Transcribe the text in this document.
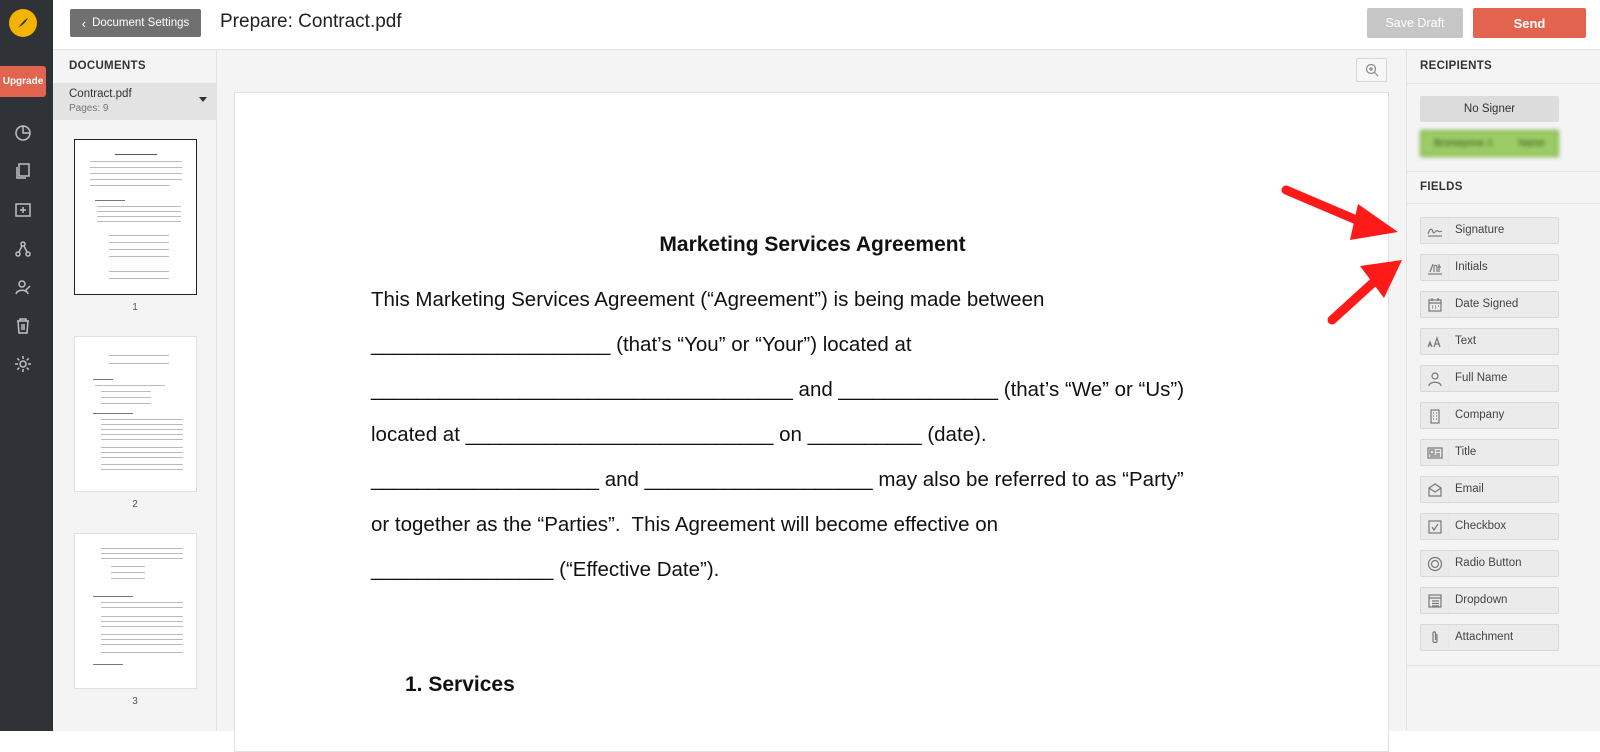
Upgrade
‹ Document Settings Prepare: Contract.pdf	Save Draft	Send
DOCUMENTS
Contract.pdf
Pages: 9
1
2
3
Marketing Services Agreement
This Marketing Services Agreement (“Agreement”) is being made between
_____________________ (that’s “You” or “Your”) located at
_____________________________________ and ______________ (that’s “We” or “Us”)
located at ___________________________ on __________ (date).
____________________ and ____________________ may also be referred to as “Party”
or together as the “Parties”.  This Agreement will become effective on
________________ (“Effective Date”).
1. Services
RECIPIENTS
No Signer
Bronwynne J. Name
FIELDS
Signature
Initials
Date Signed
Text
Full Name
Company
Title
Email
Checkbox
Radio Button
Dropdown
Attachment
